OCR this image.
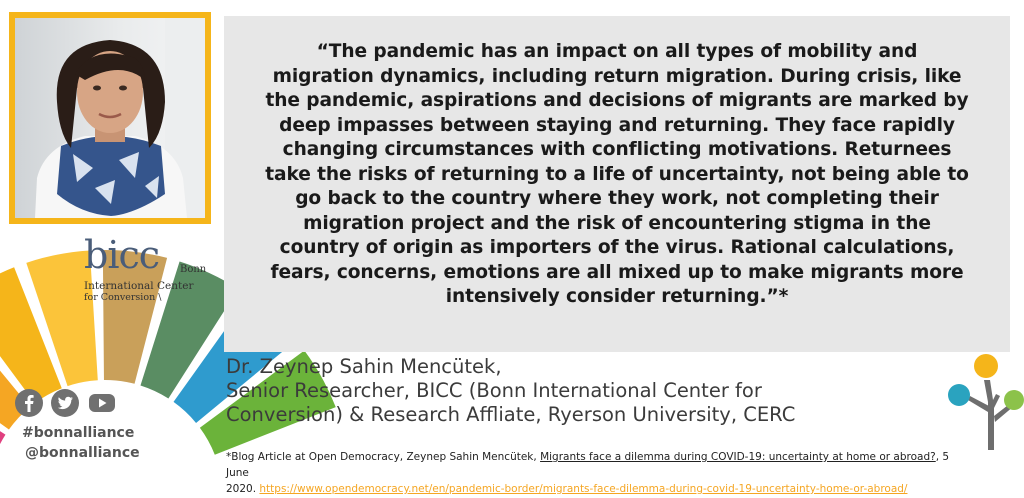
“The pandemic has an impact on all types of mobility and
migration dynamics, including return migration. During crisis, like
the pandemic, aspirations and decisions of migrants are marked by
deep impasses between staying and returning. They face rapidly
changing circumstances with conflicting motivations. Returnees
take the risks of returning to a life of uncertainty, not being able to
go back to the country where they work, not completing their
migration project and the risk of encountering stigma in the
country of origin as importers of the virus. Rational calculations,
fears, concerns, emotions are all mixed up to make migrants more
intensively consider returning.”*

Dr. Zeynep Sahin Mencütek,
Senior Researcher, BICC (Bonn International Center for
Conversion) & Research Affliate, Ryerson University, CERC
*Blog Article at Open Democracy, Zeynep Sahin Mencütek, Migrants face a dilemma during COVID-19: uncertainty at home or abroad?, 5 June
2020. https://www.opendemocracy.net/en/pandemic-border/migrants-face-dilemma-during-covid-19-uncertainty-home-or-abroad/
bicc Bonn
International Center
for Conversion \
#bonnalliance
@bonnalliance
